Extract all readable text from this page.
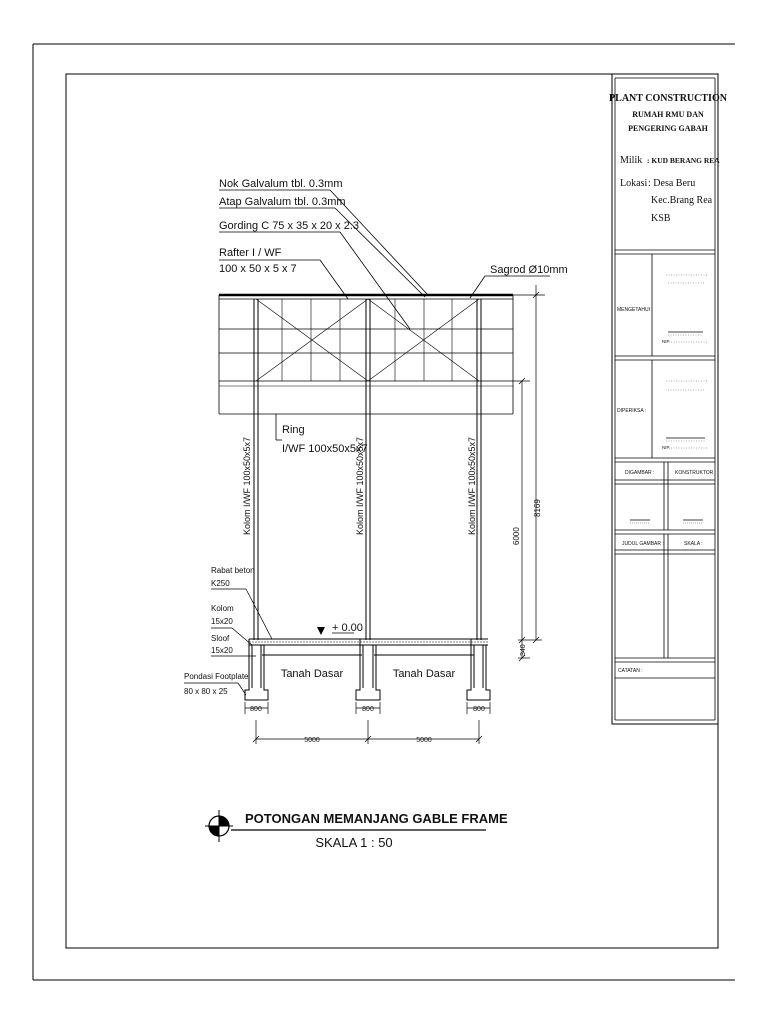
PLANT CONSTRUCTION
RUMAH RMU DAN
PENGERING GABAH
Milik : KUD BERANG REA
Lokasi : Desa Beru
Kec.Brang Rea
KSB
MENGETAHUI :
NIP.
DIPERIKSA :
NIP.
DIGAMBAR :	KONSTRUKTOR :
JUDUL GAMBAR :	SKALA :
CATATAN :
Kolom I/WF 100x50x5x7	Kolom I/WF 100x50x5x7	Kolom I/WF 100x50x5x7
Nok Galvalum tbl. 0.3mm
Atap Galvalum tbl. 0.3mm
Gording C 75 x 35 x 20 x 2.3
Rafter I / WF
100 x 50 x 5 x 7	Sagrod Ø10mm
Ring
I/WF 100x50x5x7
6000
8169
340
800	800	800
5000	5000
+ 0.00
Tanah Dasar	Tanah Dasar
Rabat beton
K250
Kolom
15x20
Sloof
15x20
Pondasi Footplate
80 x 80 x 25
POTONGAN MEMANJANG GABLE FRAME
SKALA 1 : 50
